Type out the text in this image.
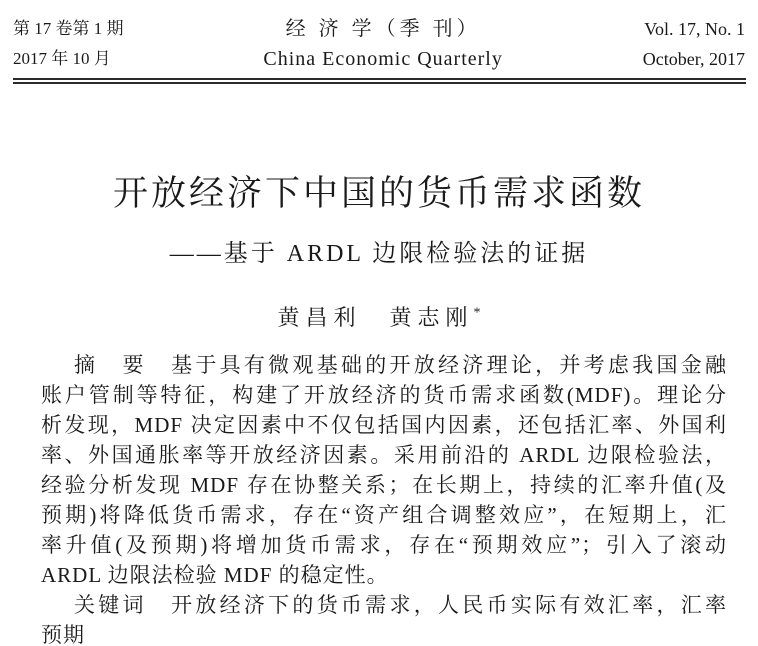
第 17 卷第 1 期
2017 年 10 月
经 济 学（季 刊）
China Economic Quarterly
Vol. 17, No. 1
October, 2017
开放经济下中国的货币需求函数
——基于 ARDL 边限检验法的证据
黄昌利　黄志刚*
摘　要　基于具有微观基础的开放经济理论，并考虑我国金融
账户管制等特征，构建了开放经济的货币需求函数(MDF)。理论分
析发现，MDF 决定因素中不仅包括国内因素，还包括汇率、外国利
率、外国通胀率等开放经济因素。采用前沿的 ARDL 边限检验法，
经验分析发现 MDF 存在协整关系；在长期上，持续的汇率升值(及
预期)将降低货币需求，存在“资产组合调整效应”，在短期上，汇
率升值(及预期)将增加货币需求，存在“预期效应”；引入了滚动
ARDL 边限法检验 MDF 的稳定性。
关键词　开放经济下的货币需求，人民币实际有效汇率，汇率
预期
